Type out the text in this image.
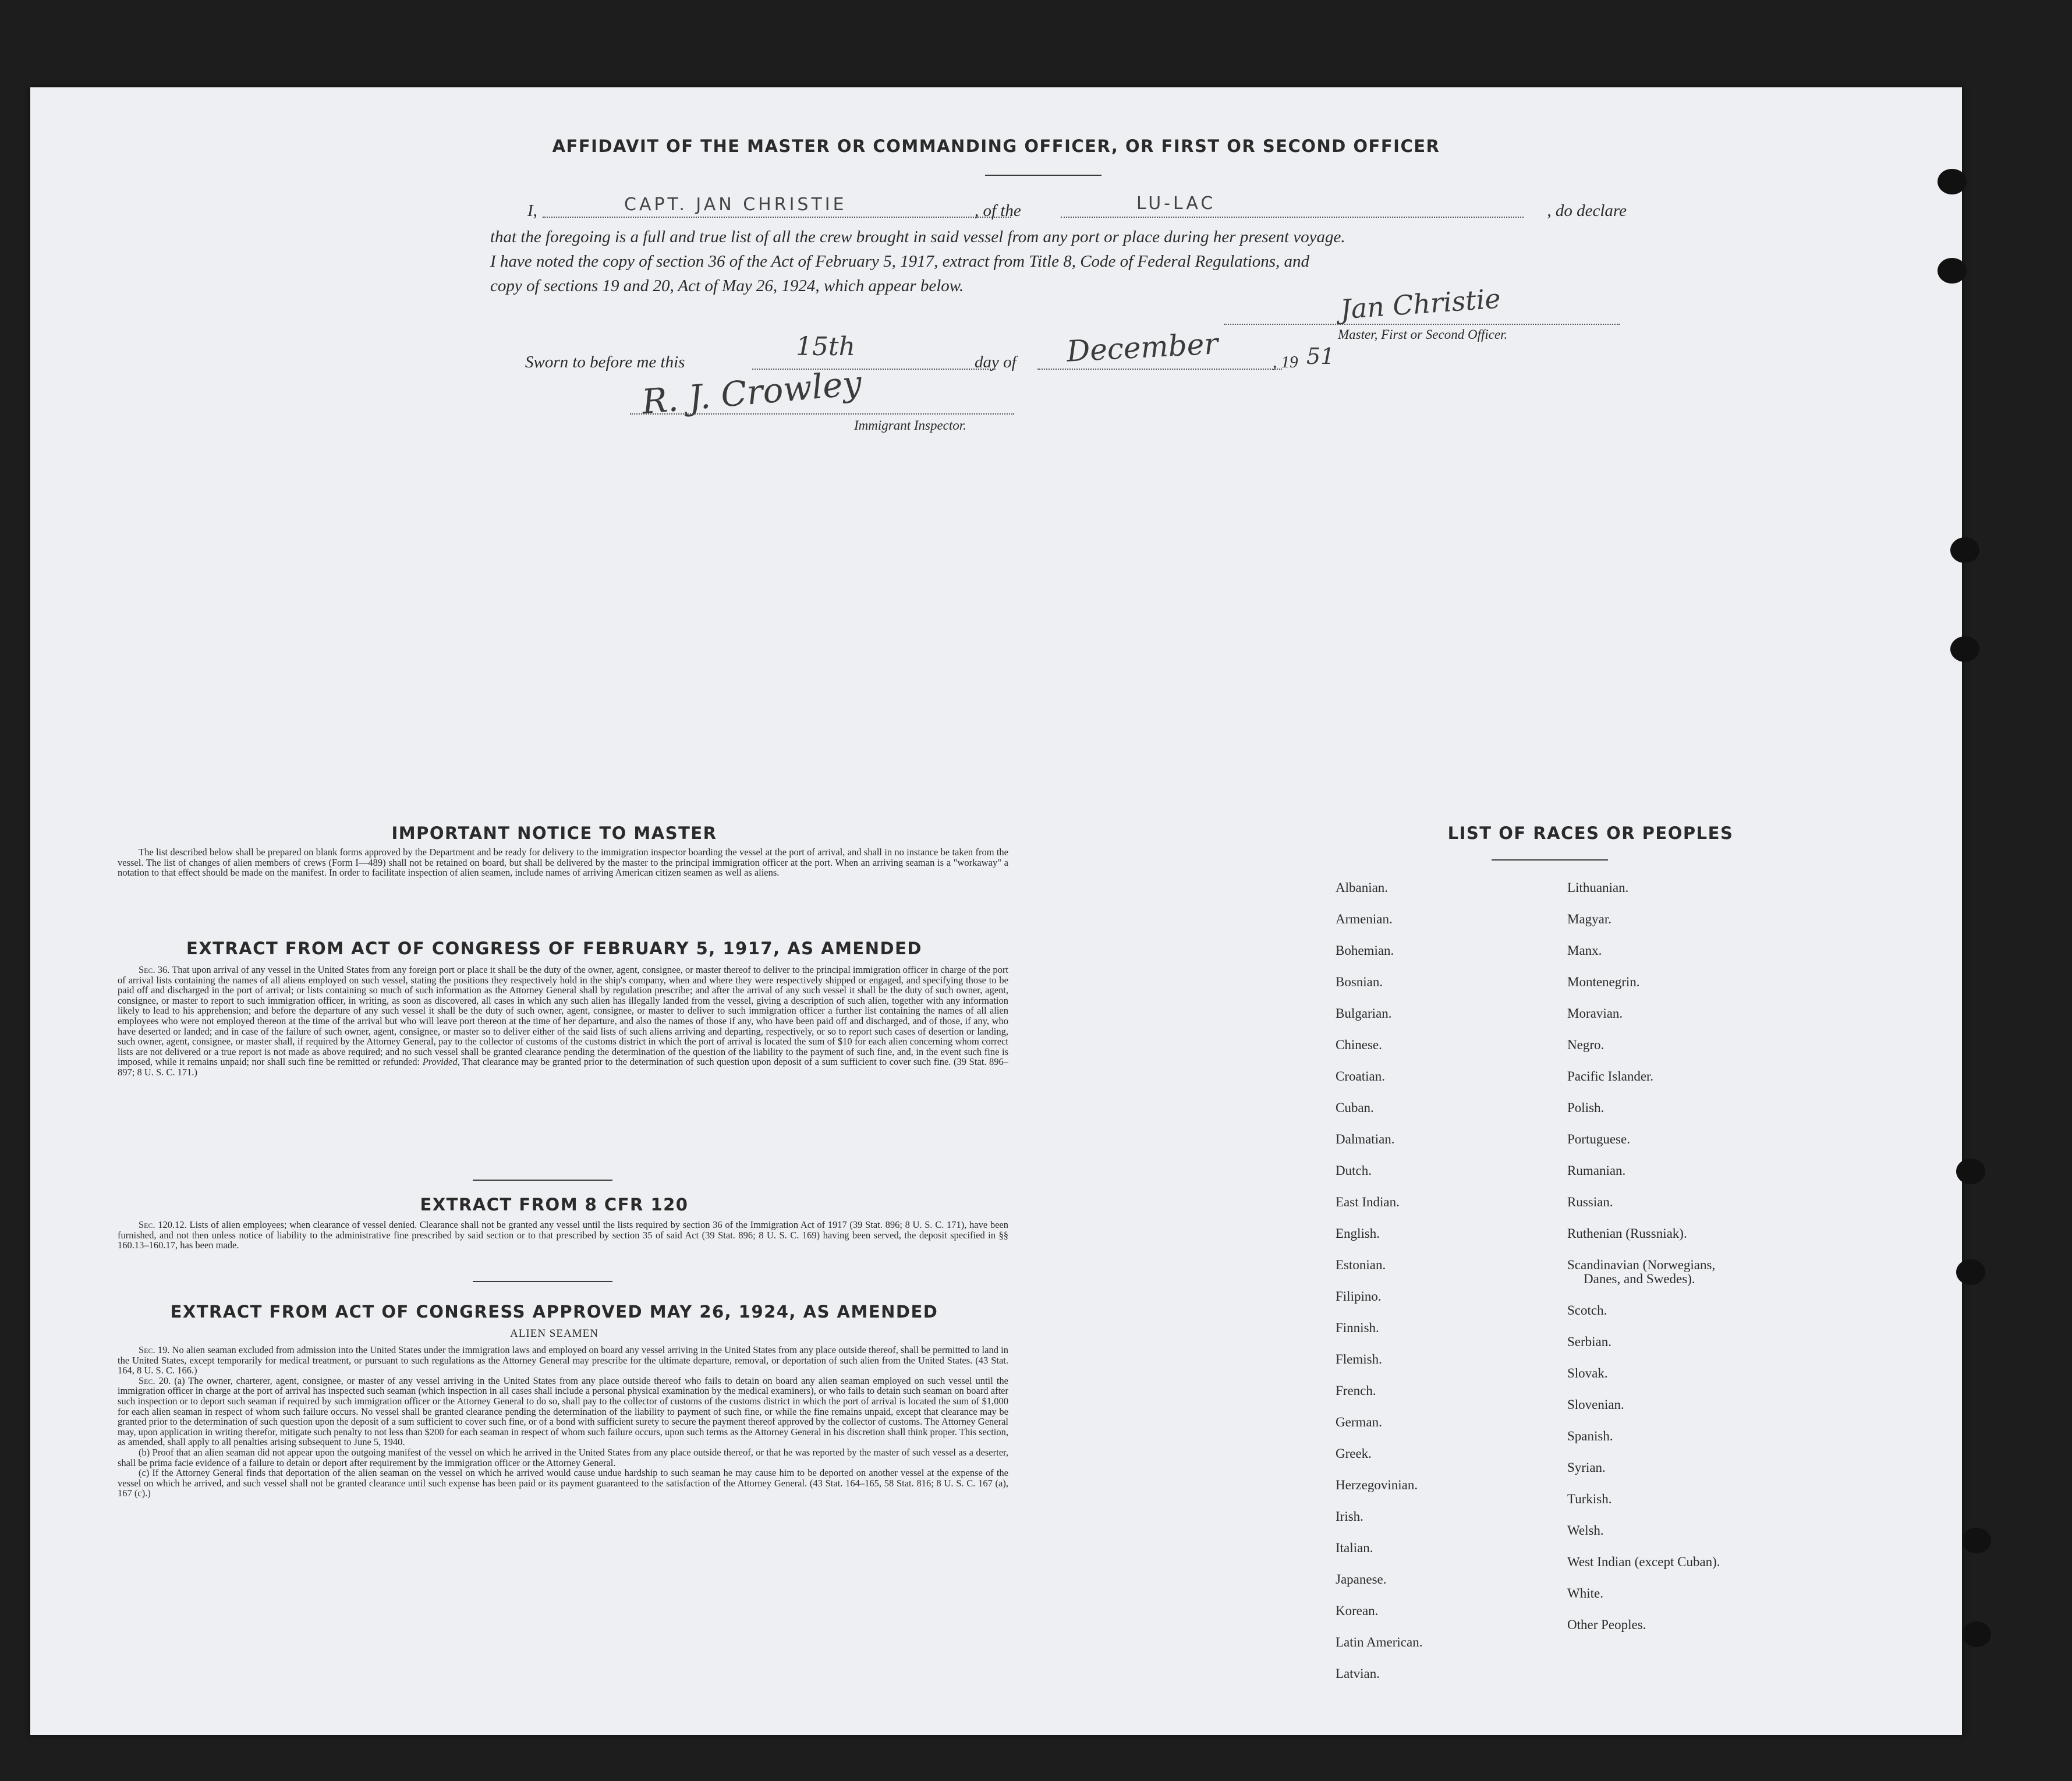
AFFIDAVIT OF THE MASTER OR COMMANDING OFFICER, OR FIRST OR SECOND OFFICER
I,	CAPT. JAN CHRISTIE	, of the	LU-LAC	, do declare
that the foregoing is a full and true list of all the crew brought in said vessel from any port or place during her present voyage.
I have noted the copy of section 36 of the Act of February 5, 1917, extract from Title 8, Code of Federal Regulations, and
copy of sections 19 and 20, Act of May 26, 1924, which appear below.	Jan Christie
Master, First or Second Officer.
Sworn to before me this
15th
day of December	, 19 51
R. J. Crowley
Immigrant Inspector.
IMPORTANT NOTICE TO MASTER
The list described below shall be prepared on blank forms approved by the Department and be ready for delivery to the immigration inspector boarding the vessel at the port of arrival, and shall in no instance be taken from the vessel. The list of changes of alien members of crews (Form I—489) shall not be retained on board, but shall be delivered by the master to the principal immigration officer at the port. When an arriving seaman is a "workaway" a notation to that effect should be made on the manifest. In order to facilitate inspection of alien seamen, include names of arriving American citizen seamen as well as aliens.
EXTRACT FROM ACT OF CONGRESS OF FEBRUARY 5, 1917, AS AMENDED
Sec. 36. That upon arrival of any vessel in the United States from any foreign port or place it shall be the duty of the owner, agent, consignee, or master thereof to deliver to the principal immigration officer in charge of the port of arrival lists containing the names of all aliens employed on such vessel, stating the positions they respectively hold in the ship's company, when and where they were respectively shipped or engaged, and specifying those to be paid off and discharged in the port of arrival; or lists containing so much of such information as the Attorney General shall by regulation prescribe; and after the arrival of any such vessel it shall be the duty of such owner, agent, consignee, or master to report to such immigration officer, in writing, as soon as discovered, all cases in which any such alien has illegally landed from the vessel, giving a description of such alien, together with any information likely to lead to his apprehension; and before the departure of any such vessel it shall be the duty of such owner, agent, consignee, or master to deliver to such immigration officer a further list containing the names of all alien employees who were not employed thereon at the time of the arrival but who will leave port thereon at the time of her departure, and also the names of those if any, who have been paid off and discharged, and of those, if any, who have deserted or landed; and in case of the failure of such owner, agent, consignee, or master so to deliver either of the said lists of such aliens arriving and departing, respectively, or so to report such cases of desertion or landing, such owner, agent, consignee, or master shall, if required by the Attorney General, pay to the collector of customs of the customs district in which the port of arrival is located the sum of $10 for each alien concerning whom correct lists are not delivered or a true report is not made as above required; and no such vessel shall be granted clearance pending the determination of the question of the liability to the payment of such fine, and, in the event such fine is imposed, while it remains unpaid; nor shall such fine be remitted or refunded: Provided, That clearance may be granted prior to the determination of such question upon deposit of a sum sufficient to cover such fine. (39 Stat. 896–897; 8 U. S. C. 171.)
EXTRACT FROM 8 CFR 120
Sec. 120.12. Lists of alien employees; when clearance of vessel denied. Clearance shall not be granted any vessel until the lists required by section 36 of the Immigration Act of 1917 (39 Stat. 896; 8 U. S. C. 171), have been furnished, and not then unless notice of liability to the administrative fine prescribed by said section or to that prescribed by section 35 of said Act (39 Stat. 896; 8 U. S. C. 169) having been served, the deposit specified in §§ 160.13–160.17, has been made.
EXTRACT FROM ACT OF CONGRESS APPROVED MAY 26, 1924, AS AMENDED
ALIEN SEAMEN
Sec. 19. No alien seaman excluded from admission into the United States under the immigration laws and employed on board any vessel arriving in the United States from any place outside thereof, shall be permitted to land in the United States, except temporarily for medical treatment, or pursuant to such regulations as the Attorney General may prescribe for the ultimate departure, removal, or deportation of such alien from the United States. (43 Stat. 164, 8 U. S. C. 166.)
Sec. 20. (a) The owner, charterer, agent, consignee, or master of any vessel arriving in the United States from any place outside thereof who fails to detain on board any alien seaman employed on such vessel until the immigration officer in charge at the port of arrival has inspected such seaman (which inspection in all cases shall include a personal physical examination by the medical examiners), or who fails to detain such seaman on board after such inspection or to deport such seaman if required by such immigration officer or the Attorney General to do so, shall pay to the collector of customs of the customs district in which the port of arrival is located the sum of $1,000 for each alien seaman in respect of whom such failure occurs. No vessel shall be granted clearance pending the determination of the liability to payment of such fine, or while the fine remains unpaid, except that clearance may be granted prior to the determination of such question upon the deposit of a sum sufficient to cover such fine, or of a bond with sufficient surety to secure the payment thereof approved by the collector of customs. The Attorney General may, upon application in writing therefor, mitigate such penalty to not less than $200 for each seaman in respect of whom such failure occurs, upon such terms as the Attorney General in his discretion shall think proper. This section, as amended, shall apply to all penalties arising subsequent to June 5, 1940.
(b) Proof that an alien seaman did not appear upon the outgoing manifest of the vessel on which he arrived in the United States from any place outside thereof, or that he was reported by the master of such vessel as a deserter, shall be prima facie evidence of a failure to detain or deport after requirement by the immigration officer or the Attorney General.
(c) If the Attorney General finds that deportation of the alien seaman on the vessel on which he arrived would cause undue hardship to such seaman he may cause him to be deported on another vessel at the expense of the vessel on which he arrived, and such vessel shall not be granted clearance until such expense has been paid or its payment guaranteed to the satisfaction of the Attorney General. (43 Stat. 164–165, 58 Stat. 816; 8 U. S. C. 167 (a), 167 (c).)
LIST OF RACES OR PEOPLES
Albanian.
Armenian.
Bohemian.
Bosnian.
Bulgarian.
Chinese.
Croatian.
Cuban.
Dalmatian.
Dutch.
East Indian.
English.
Estonian.
Filipino.
Finnish.
Flemish.
French.
German.
Greek.
Herzegovinian.
Irish.
Italian.
Japanese.
Korean.
Latin American.
Latvian.
Lithuanian.
Magyar.
Manx.
Montenegrin.
Moravian.
Negro.
Pacific Islander.
Polish.
Portuguese.
Rumanian.
Russian.
Ruthenian (Russniak).
Scandinavian (Norwegians,
Danes, and Swedes).
Scotch.
Serbian.
Slovak.
Slovenian.
Spanish.
Syrian.
Turkish.
Welsh.
West Indian (except Cuban).
White.
Other Peoples.
